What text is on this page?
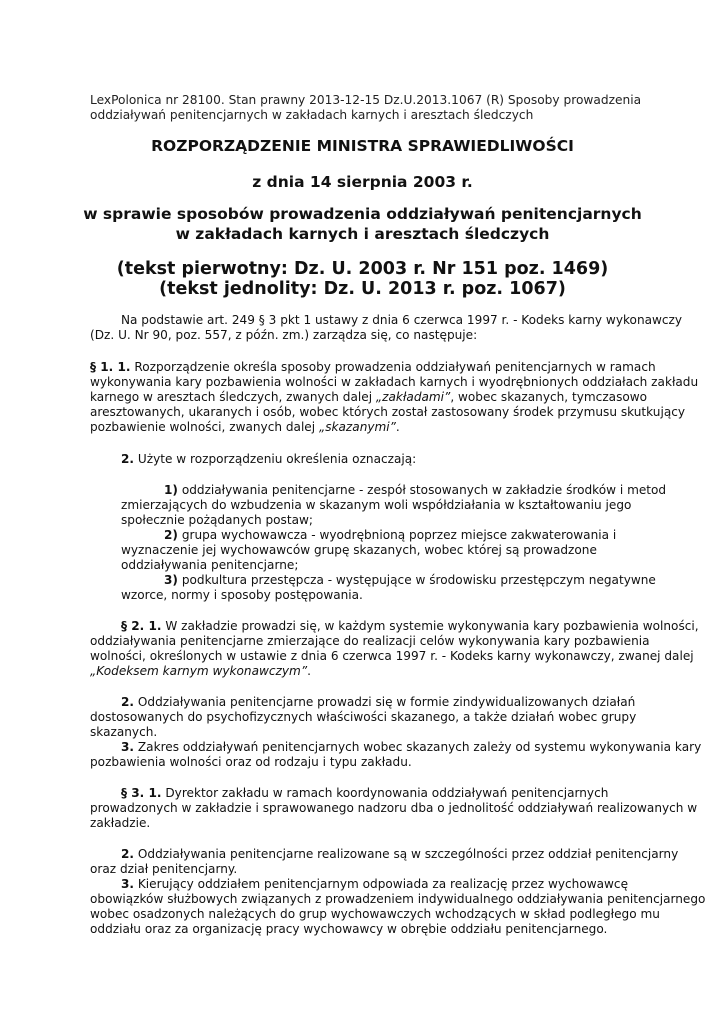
LexPolonica nr 28100. Stan prawny 2013-12-15 Dz.U.2013.1067 (R) Sposoby prowadzenia
oddziaływań penitencjarnych w zakładach karnych i aresztach śledczych
ROZPORZĄDZENIE MINISTRA SPRAWIEDLIWOŚCI
z dnia 14 sierpnia 2003 r.
w sprawie sposobów prowadzenia oddziaływań penitencjarnych
w zakładach karnych i aresztach śledczych
(tekst pierwotny: Dz. U. 2003 r. Nr 151 poz. 1469)
(tekst jednolity: Dz. U. 2013 r. poz. 1067)
Na podstawie art. 249 § 3 pkt 1 ustawy z dnia 6 czerwca 1997 r. - Kodeks karny wykonawczy
(Dz. U. Nr 90, poz. 557, z późn. zm.) zarządza się, co następuje:
§ 1. 1. Rozporządzenie określa sposoby prowadzenia oddziaływań penitencjarnych w ramach
wykonywania kary pozbawienia wolności w zakładach karnych i wyodrębnionych oddziałach zakładu
karnego w aresztach śledczych, zwanych dalej „zakładami”, wobec skazanych, tymczasowo
aresztowanych, ukaranych i osób, wobec których został zastosowany środek przymusu skutkujący
pozbawienie wolności, zwanych dalej „skazanymi”.
2. Użyte w rozporządzeniu określenia oznaczają:
1) oddziaływania penitencjarne - zespół stosowanych w zakładzie środków i metod
zmierzających do wzbudzenia w skazanym woli współdziałania w kształtowaniu jego
społecznie pożądanych postaw;
2) grupa wychowawcza - wyodrębnioną poprzez miejsce zakwaterowania i
wyznaczenie jej wychowawców grupę skazanych, wobec której są prowadzone
oddziaływania penitencjarne;
3) podkultura przestępcza - występujące w środowisku przestępczym negatywne
wzorce, normy i sposoby postępowania.
§ 2. 1. W zakładzie prowadzi się, w każdym systemie wykonywania kary pozbawienia wolności,
oddziaływania penitencjarne zmierzające do realizacji celów wykonywania kary pozbawienia
wolności, określonych w ustawie z dnia 6 czerwca 1997 r. - Kodeks karny wykonawczy, zwanej dalej
„Kodeksem karnym wykonawczym”.
2. Oddziaływania penitencjarne prowadzi się w formie zindywidualizowanych działań
dostosowanych do psychofizycznych właściwości skazanego, a także działań wobec grupy
skazanych.
3. Zakres oddziaływań penitencjarnych wobec skazanych zależy od systemu wykonywania kary
pozbawienia wolności oraz od rodzaju i typu zakładu.
§ 3. 1. Dyrektor zakładu w ramach koordynowania oddziaływań penitencjarnych
prowadzonych w zakładzie i sprawowanego nadzoru dba o jednolitość oddziaływań realizowanych w
zakładzie.
2. Oddziaływania penitencjarne realizowane są w szczególności przez oddział penitencjarny
oraz dział penitencjarny.
3. Kierujący oddziałem penitencjarnym odpowiada za realizację przez wychowawcę
obowiązków służbowych związanych z prowadzeniem indywidualnego oddziaływania penitencjarnego
wobec osadzonych należących do grup wychowawczych wchodzących w skład podległego mu
oddziału oraz za organizację pracy wychowawcy w obrębie oddziału penitencjarnego.
